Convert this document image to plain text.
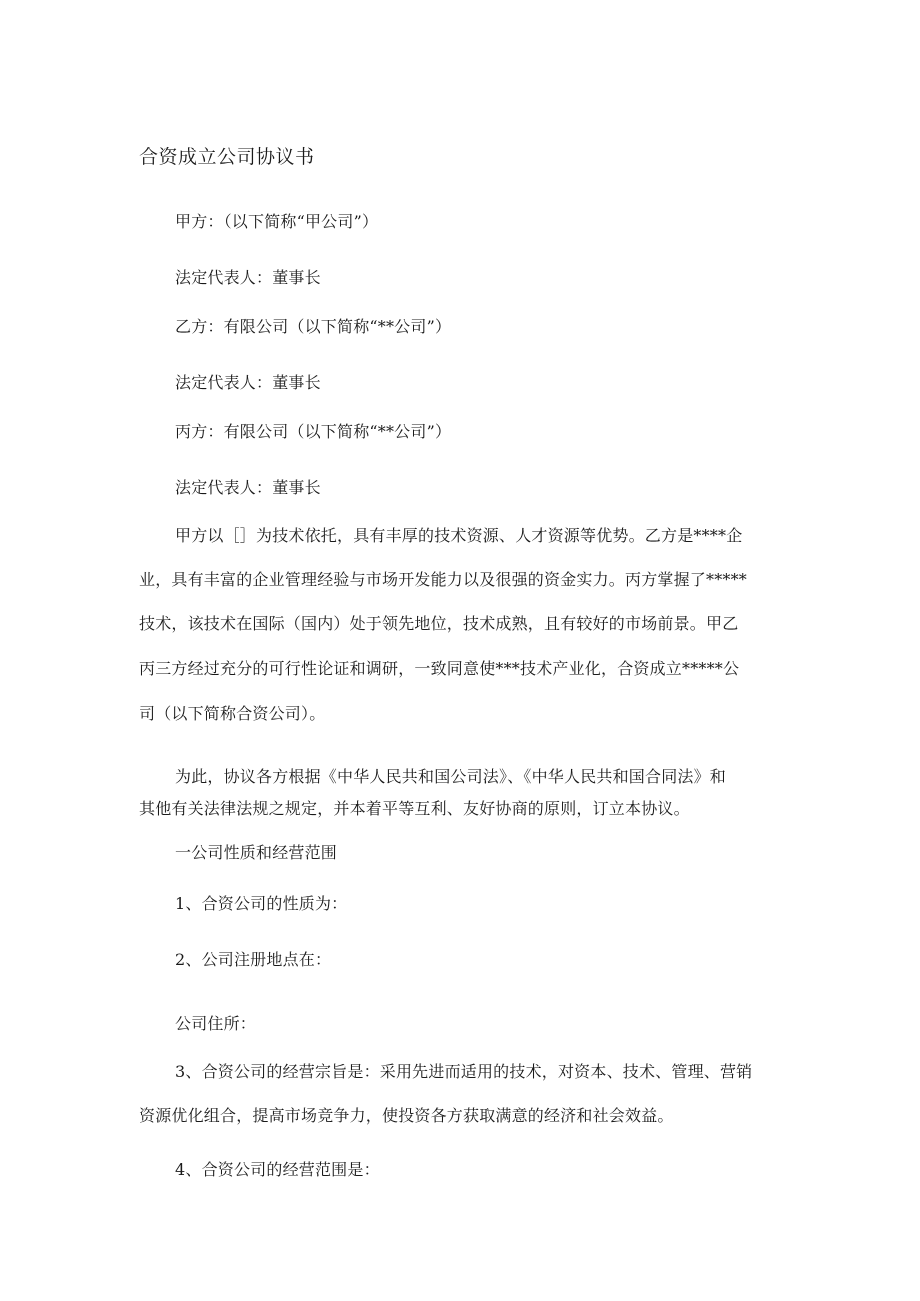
合资成立公司协议书
甲方：（以下简称“甲公司”）
法定代表人：董事长
乙方：有限公司（以下简称“**公司”）
法定代表人：董事长
丙方：有限公司（以下简称“**公司”）
法定代表人：董事长
甲方以［］为技术依托，具有丰厚的技术资源、人才资源等优势。乙方是****企
业，具有丰富的企业管理经验与市场开发能力以及很强的资金实力。丙方掌握了*****
技术，该技术在国际（国内）处于领先地位，技术成熟，且有较好的市场前景。甲乙
丙三方经过充分的可行性论证和调研，一致同意使***技术产业化，合资成立*****公
司（以下简称合资公司）。
为此，协议各方根据《中华人民共和国公司法》、《中华人民共和国合同法》和
其他有关法律法规之规定，并本着平等互利、友好协商的原则，订立本协议。
一公司性质和经营范围
1、合资公司的性质为：
2、公司注册地点在：
公司住所：
3、合资公司的经营宗旨是：采用先进而适用的技术，对资本、技术、管理、营销
资源优化组合，提高市场竞争力，使投资各方获取满意的经济和社会效益。
4、合资公司的经营范围是：
